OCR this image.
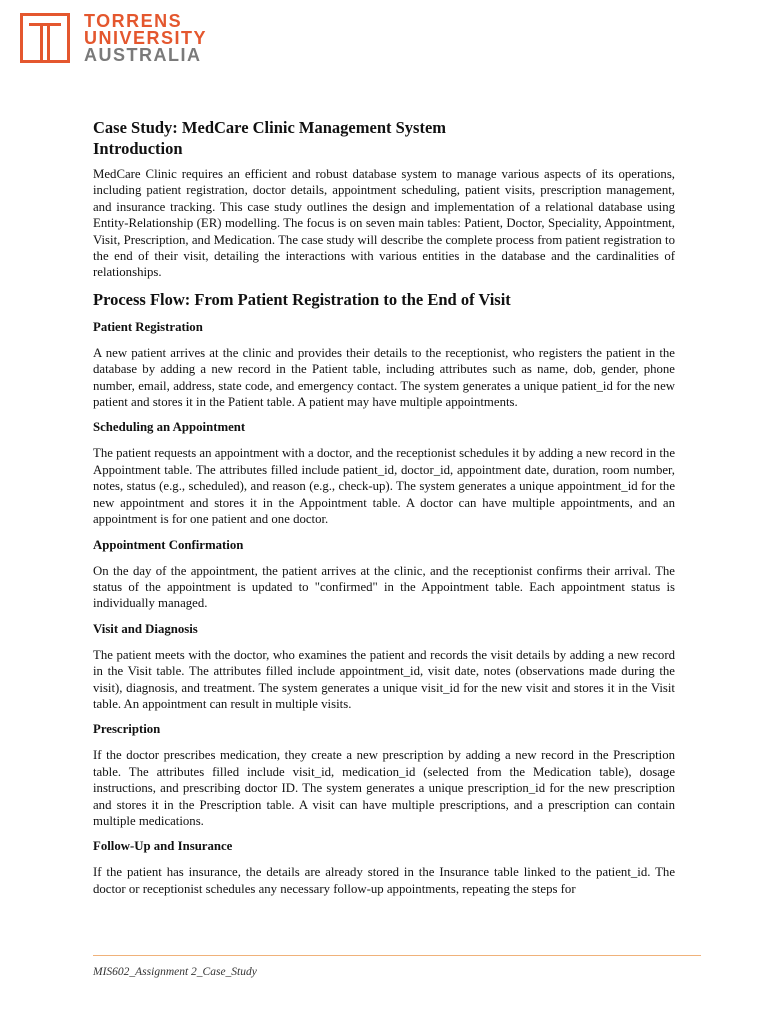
TORRENS
UNIVERSITY
AUSTRALIA
Case Study: MedCare Clinic Management System
Introduction

MedCare Clinic requires an efficient and robust database system to manage various aspects of its operations, including patient registration, doctor details, appointment scheduling, patient visits, prescription management, and insurance tracking. This case study outlines the design and implementation of a relational database using Entity-Relationship (ER) modelling. The focus is on seven main tables: Patient, Doctor, Speciality, Appointment, Visit, Prescription, and Medication. The case study will describe the complete process from patient registration to the end of their visit, detailing the interactions with various entities in the database and the cardinalities of relationships.

Process Flow: From Patient Registration to the End of Visit
Patient Registration

A new patient arrives at the clinic and provides their details to the receptionist, who registers the patient in the database by adding a new record in the Patient table, including attributes such as name, dob, gender, phone number, email, address, state code, and emergency contact. The system generates a unique patient_id for the new patient and stores it in the Patient table. A patient may have multiple appointments.

Scheduling an Appointment

The patient requests an appointment with a doctor, and the receptionist schedules it by adding a new record in the Appointment table. The attributes filled include patient_id, doctor_id, appointment date, duration, room number, notes, status (e.g., scheduled), and reason (e.g., check-up). The system generates a unique appointment_id for the new appointment and stores it in the Appointment table. A doctor can have multiple appointments, and an appointment is for one patient and one doctor.

Appointment Confirmation

On the day of the appointment, the patient arrives at the clinic, and the receptionist confirms their arrival. The status of the appointment is updated to "confirmed" in the Appointment table. Each appointment status is individually managed.

Visit and Diagnosis

The patient meets with the doctor, who examines the patient and records the visit details by adding a new record in the Visit table. The attributes filled include appointment_id, visit date, notes (observations made during the visit), diagnosis, and treatment. The system generates a unique visit_id for the new visit and stores it in the Visit table. An appointment can result in multiple visits.

Prescription

If the doctor prescribes medication, they create a new prescription by adding a new record in the Prescription table. The attributes filled include visit_id, medication_id (selected from the Medication table), dosage instructions, and prescribing doctor ID. The system generates a unique prescription_id for the new prescription and stores it in the Prescription table. A visit can have multiple prescriptions, and a prescription can contain multiple medications.

Follow-Up and Insurance

If the patient has insurance, the details are already stored in the Insurance table linked to the patient_id. The doctor or receptionist schedules any necessary follow-up appointments, repeating the steps for

MIS602_Assignment 2_Case_Study
